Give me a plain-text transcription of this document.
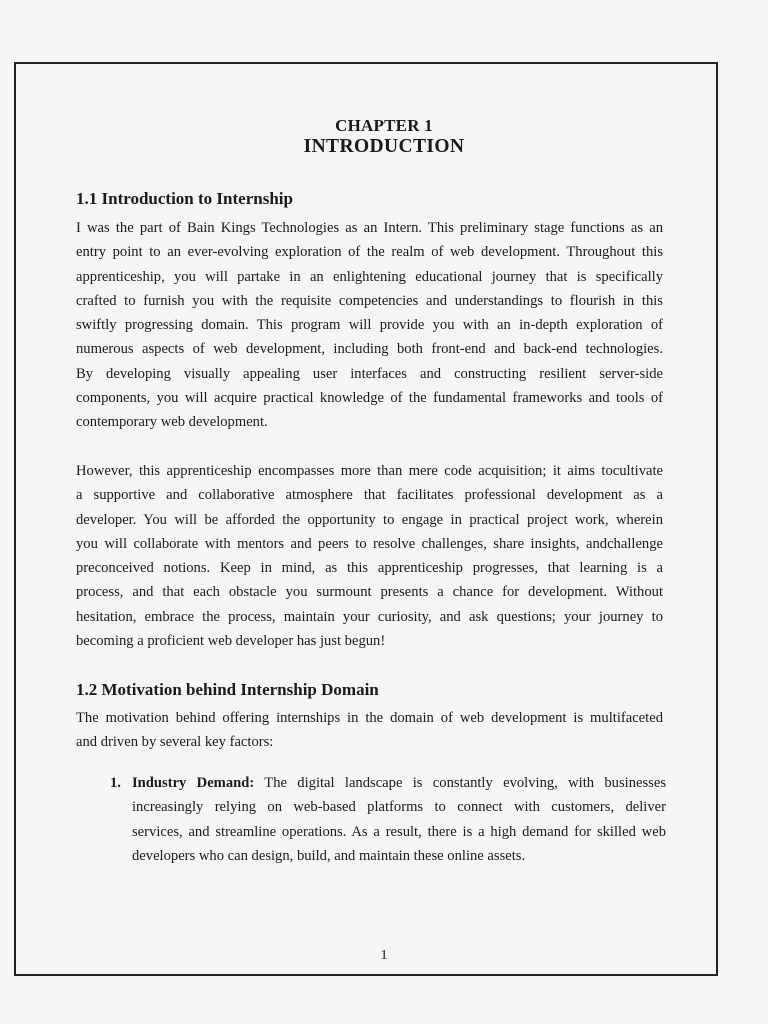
CHAPTER 1
INTRODUCTION
1.1 Introduction to Internship

I was the part of Bain Kings Technologies as an Intern. This preliminary stage functions as an
entry point to an ever-evolving exploration of the realm of web development. Throughout this
apprenticeship, you will partake in an enlightening educational journey that is specifically
crafted to furnish you with the requisite competencies and understandings to flourish in this
swiftly progressing domain. This program will provide you with an in-depth exploration of
numerous aspects of web development, including both front-end and back-end technologies.
By developing visually appealing user interfaces and constructing resilient server-side
components, you will acquire practical knowledge of the fundamental frameworks and tools of
contemporary web development.

However, this apprenticeship encompasses more than mere code acquisition; it aims tocultivate
a supportive and collaborative atmosphere that facilitates professional development as a
developer. You will be afforded the opportunity to engage in practical project work, wherein
you will collaborate with mentors and peers to resolve challenges, share insights, andchallenge
preconceived notions. Keep in mind, as this apprenticeship progresses, that learning is a
process, and that each obstacle you surmount presents a chance for development. Without
hesitation, embrace the process, maintain your curiosity, and ask questions; your journey to
becoming a proficient web developer has just begun!

1.2 Motivation behind Internship Domain

The motivation behind offering internships in the domain of web development is multifaceted
and driven by several key factors:

1. Industry Demand: The digital landscape is constantly evolving, with businesses
increasingly relying on web-based platforms to connect with customers, deliver
services, and streamline operations. As a result, there is a high demand for skilled web
developers who can design, build, and maintain these online assets.
1
